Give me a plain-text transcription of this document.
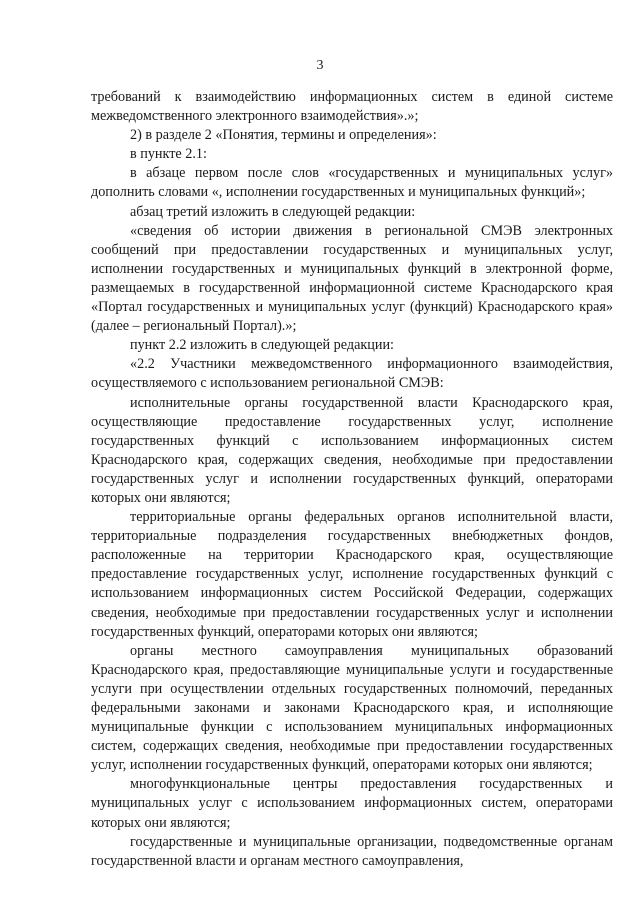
3

требований к взаимодействию информационных систем в единой системе межведомственного электронного взаимодействия».»;

2) в разделе 2 «Понятия, термины и определения»:

в пункте 2.1:

в абзаце первом после слов «государственных и муниципальных услуг» дополнить словами «, исполнении государственных и муниципальных функций»;

абзац третий изложить в следующей редакции:

«сведения об истории движения в региональной СМЭВ электронных сообщений при предоставлении государственных и муниципальных услуг, исполнении государственных и муниципальных функций в электронной форме, размещаемых в государственной информационной системе Краснодарского края «Портал государственных и муниципальных услуг (функций) Краснодарского края» (далее – региональный Портал).»;

пункт 2.2 изложить в следующей редакции:

«2.2 Участники межведомственного информационного взаимодействия, осуществляемого с использованием региональной СМЭВ:

исполнительные органы государственной власти Краснодарского края, осуществляющие предоставление государственных услуг, исполнение государственных функций с использованием информационных систем Краснодарского края, содержащих сведения, необходимые при предоставлении государственных услуг и исполнении государственных функций, операторами которых они являются;

территориальные органы федеральных органов исполнительной власти, территориальные подразделения государственных внебюджетных фондов, расположенные на территории Краснодарского края, осуществляющие предоставление государственных услуг, исполнение государственных функций с использованием информационных систем Российской Федерации, содержащих сведения, необходимые при предоставлении государственных услуг и исполнении государственных функций, операторами которых они являются;

органы местного самоуправления муниципальных образований Краснодарского края, предоставляющие муниципальные услуги и государственные услуги при осуществлении отдельных государственных полномочий, переданных федеральными законами и законами Краснодарского края, и исполняющие муниципальные функции с использованием муниципальных информационных систем, содержащих сведения, необходимые при предоставлении государственных услуг, исполнении государственных функций, операторами которых они являются;

многофункциональные центры предоставления государственных и муниципальных услуг с использованием информационных систем, операторами которых они являются;

государственные и муниципальные организации, подведомственные органам государственной власти и органам местного самоуправления,
